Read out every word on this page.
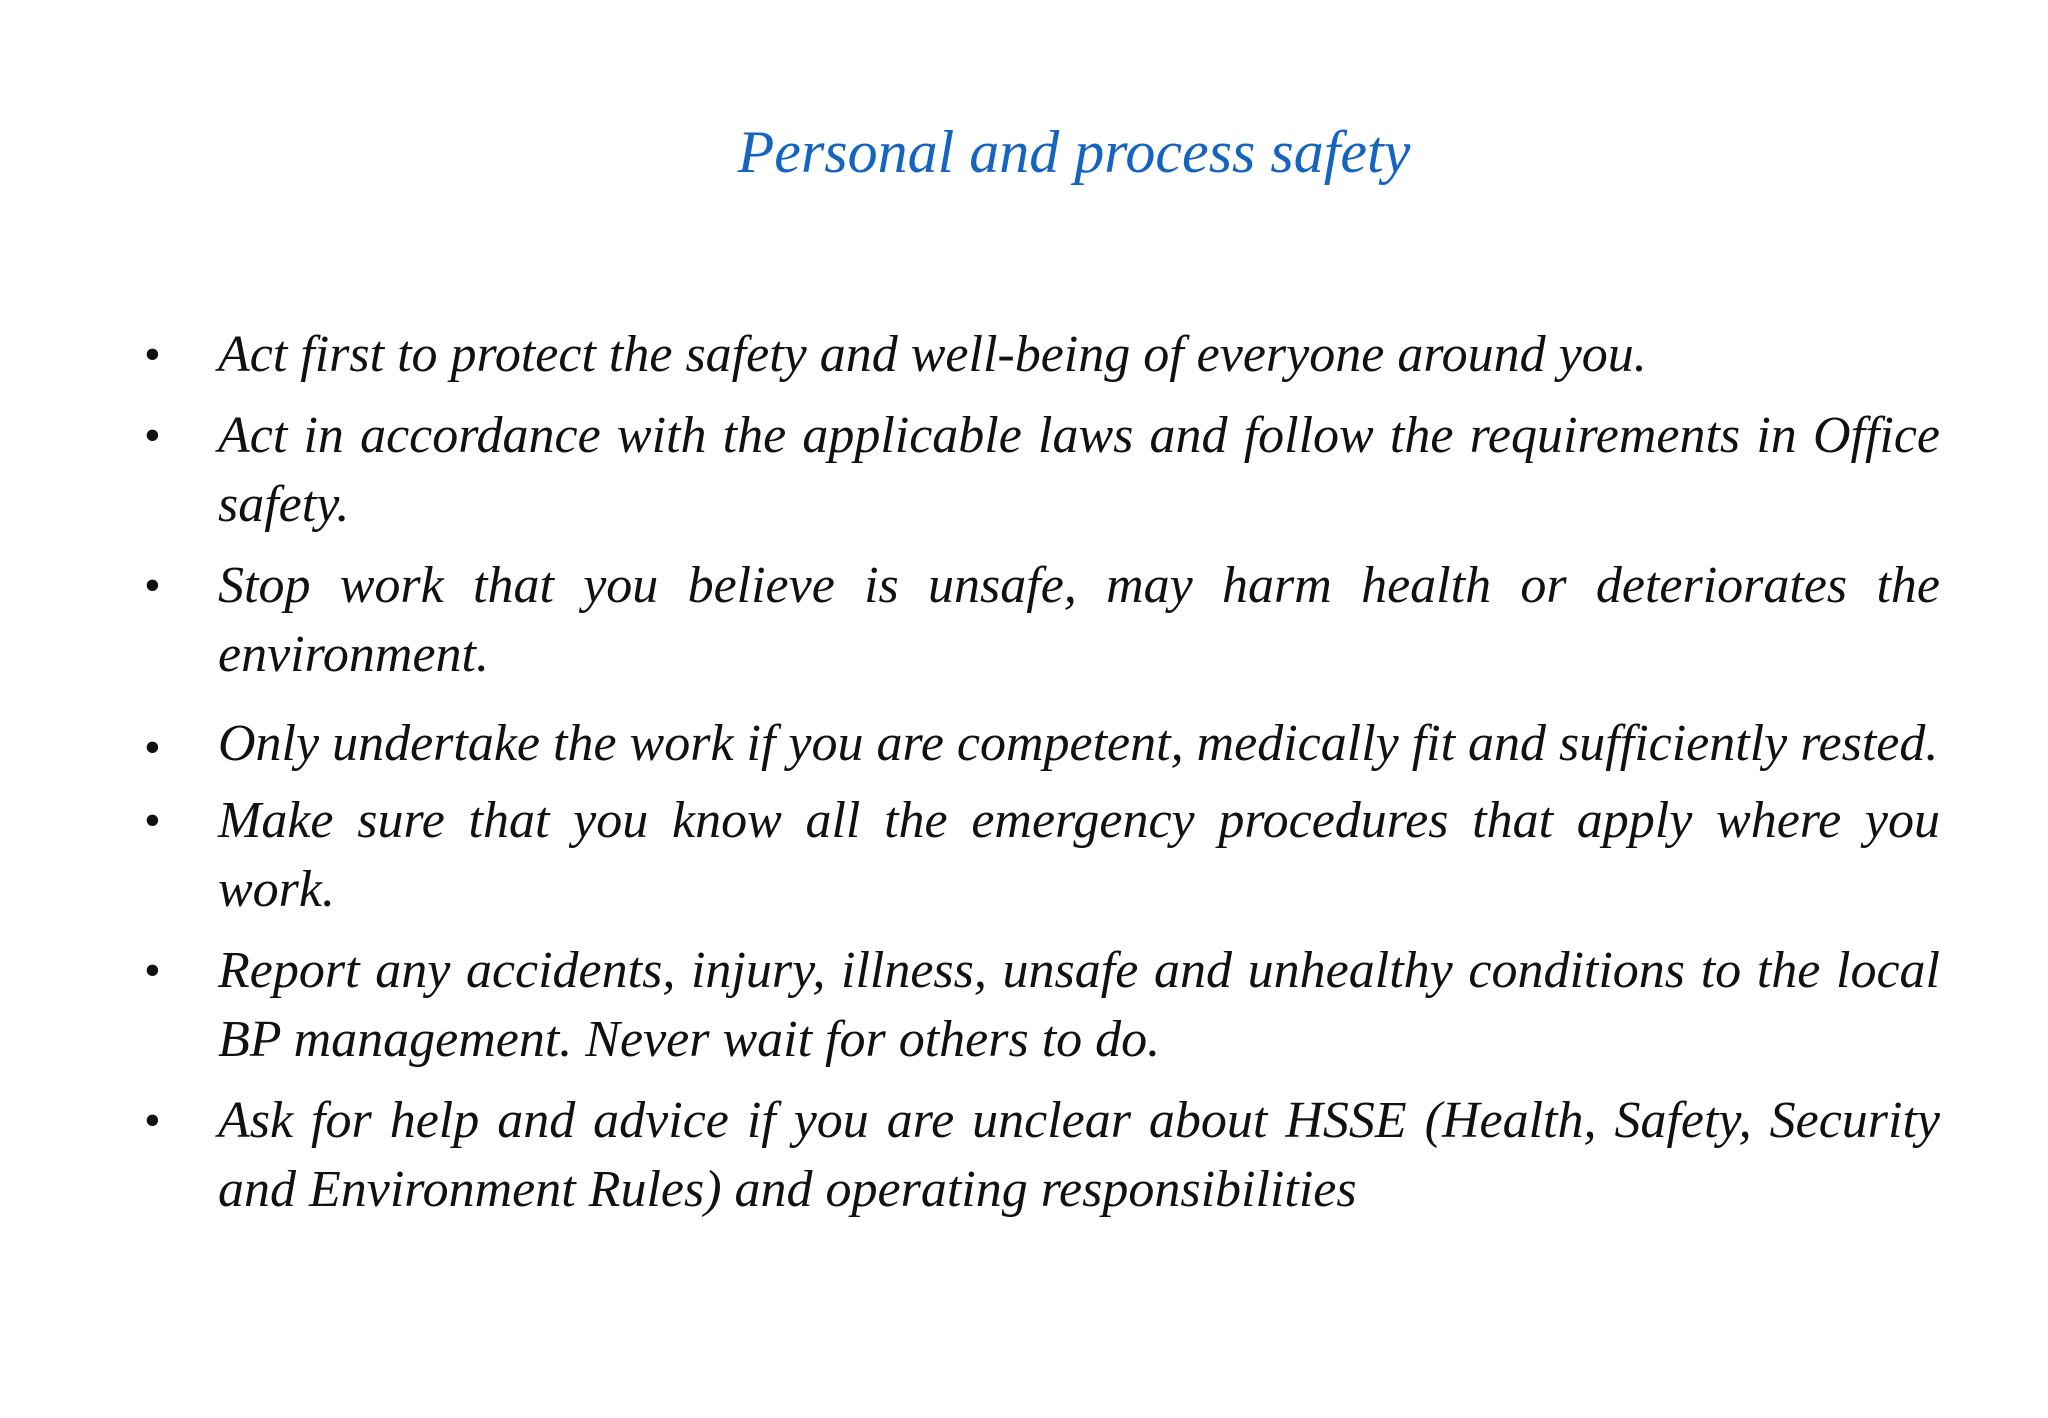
Personal and process safety
• Act first to protect the safety and well-being of everyone around you.
• Act in accordance with the applicable laws and follow the requirements in Office safety.
• Stop work that you believe is unsafe, may harm health or deteriorates the environment.
• Only undertake the work if you are competent, medically fit and sufficiently rested.
• Make sure that you know all the emergency procedures that apply where you work.
• Report any accidents, injury, illness, unsafe and unhealthy conditions to the local BP management. Never wait for others to do.
• Ask for help and advice if you are unclear about HSSE (Health, Safety, Security and Environment Rules) and operating responsibilities
